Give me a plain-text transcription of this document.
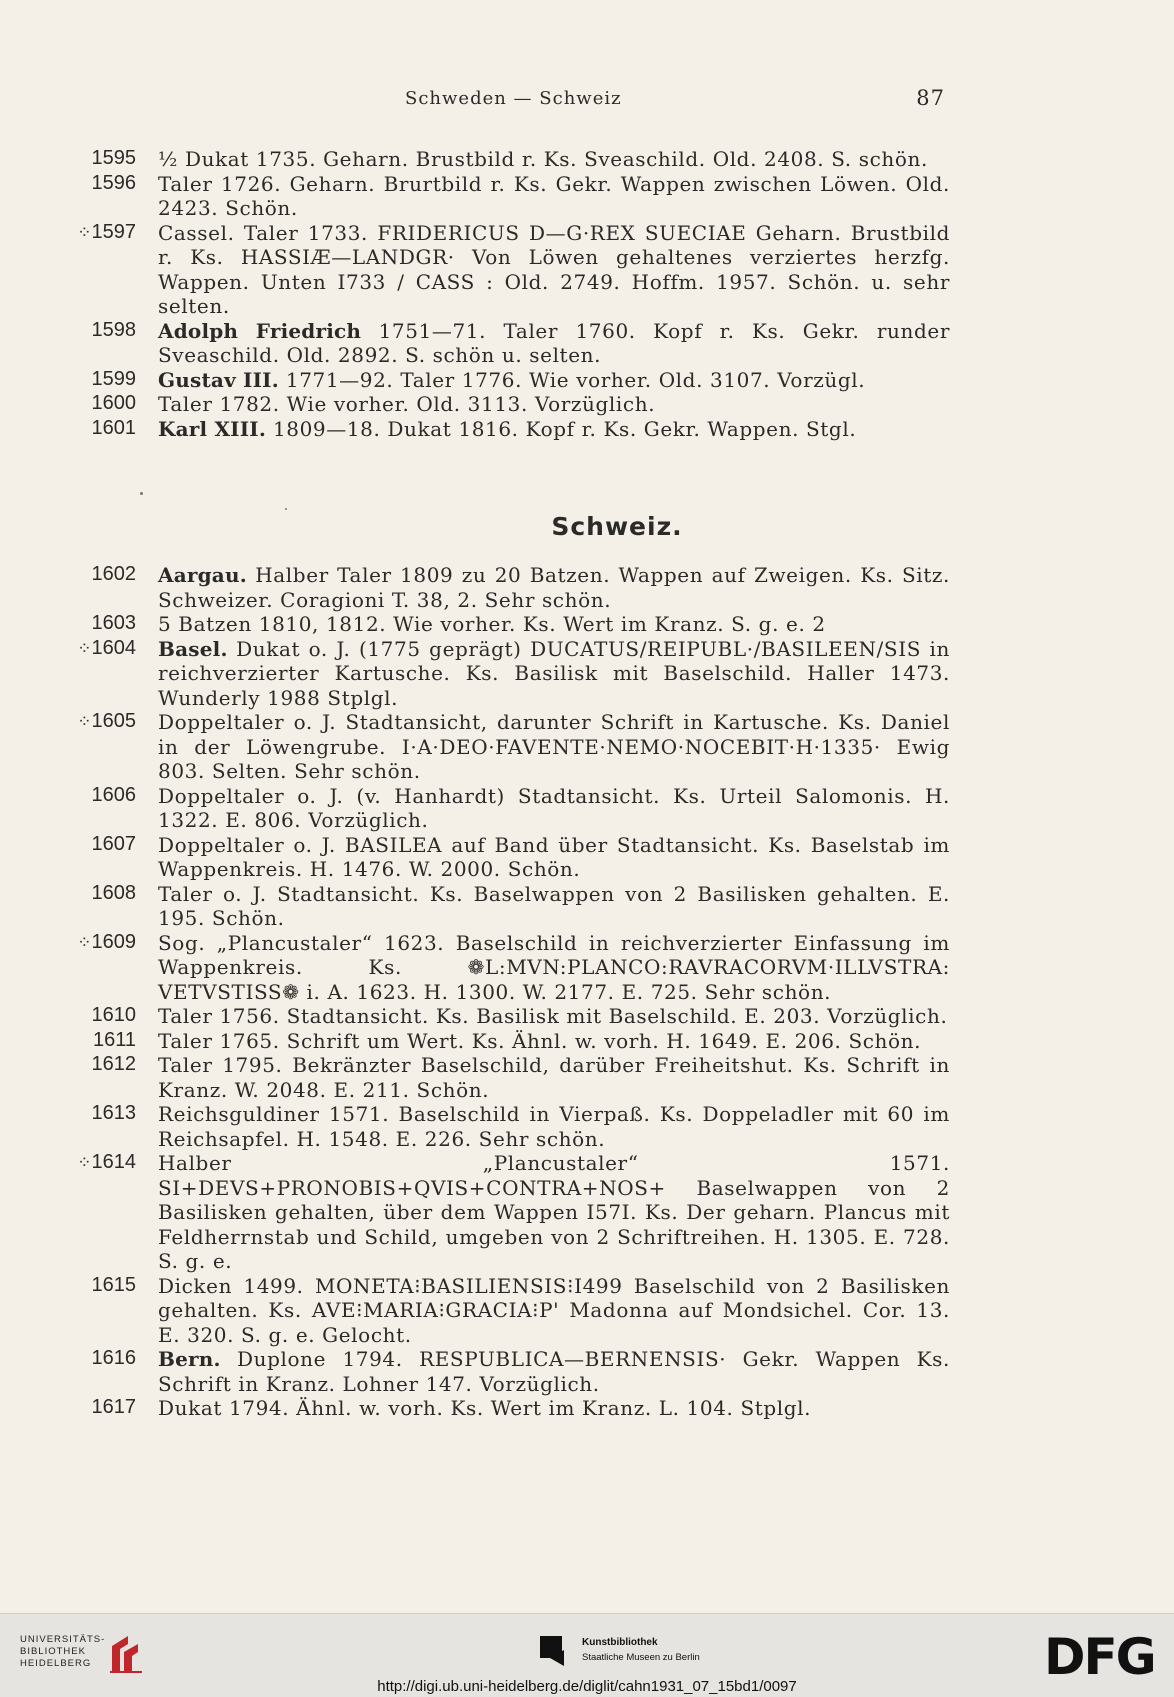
Schweden — Schweiz	87
1595 ½ Dukat 1735. Geharn. Brustbild r. Ks. Sveaschild. Old. 2408. S. schön.
1596 Taler 1726. Geharn. Brurtbild r. Ks. Gekr. Wappen zwischen Löwen. Old. 2423. Schön.
⁘1597 Cassel. Taler 1733. FRIDERICUS D—G·REX SUECIAE Geharn. Brustbild r. Ks. HASSIÆ—LANDGR· Von Löwen gehaltenes verziertes herzfg. Wappen. Unten I733 / CASS : Old. 2749. Hoffm. 1957. Schön. u. sehr selten.
1598 Adolph Friedrich 1751—71. Taler 1760. Kopf r. Ks. Gekr. runder Sveaschild. Old. 2892. S. schön u. selten.
1599 Gustav III. 1771—92. Taler 1776. Wie vorher. Old. 3107. Vorzügl.
1600 Taler 1782. Wie vorher. Old. 3113. Vorzüglich.
1601 Karl XIII. 1809—18. Dukat 1816. Kopf r. Ks. Gekr. Wappen. Stgl.
Schweiz.
1602 Aargau. Halber Taler 1809 zu 20 Batzen. Wappen auf Zweigen. Ks. Sitz. Schweizer. Coragioni T. 38, 2. Sehr schön.
1603 5 Batzen 1810, 1812. Wie vorher. Ks. Wert im Kranz. S. g. e. 2
⁘1604 Basel. Dukat o. J. (1775 geprägt) DUCATUS/REIPUBL·/BASILEEN/SIS in reichverzierter Kartusche. Ks. Basilisk mit Baselschild. Haller 1473. Wunderly 1988 Stplgl.
⁘1605 Doppeltaler o. J. Stadtansicht, darunter Schrift in Kartusche. Ks. Daniel in der Löwengrube. I·A·DEO·FAVENTE·NEMO·NOCEBIT·H·1335· Ewig 803. Selten. Sehr schön.
1606 Doppeltaler o. J. (v. Hanhardt) Stadtansicht. Ks. Urteil Salomonis. H. 1322. E. 806. Vorzüglich.
1607 Doppeltaler o. J. BASILEA auf Band über Stadtansicht. Ks. Baselstab im Wappenkreis. H. 1476. W. 2000. Schön.
1608 Taler o. J. Stadtansicht. Ks. Baselwappen von 2 Basilisken gehalten. E. 195. Schön.
⁘1609 Sog. „Plancustaler“ 1623. Baselschild in reichverzierter Einfassung im Wappenkreis. Ks. ❁L:MVN:PLANCO:RAVRACORVM·ILLVSTRA: VETVSTISS❁ i. A. 1623. H. 1300. W. 2177. E. 725. Sehr schön.
1610 Taler 1756. Stadtansicht. Ks. Basilisk mit Baselschild. E. 203. Vorzüglich.
1611 Taler 1765. Schrift um Wert. Ks. Ähnl. w. vorh. H. 1649. E. 206. Schön.
1612 Taler 1795. Bekränzter Baselschild, darüber Freiheitshut. Ks. Schrift in Kranz. W. 2048. E. 211. Schön.
1613 Reichsguldiner 1571. Baselschild in Vierpaß. Ks. Doppeladler mit 60 im Reichsapfel. H. 1548. E. 226. Sehr schön.
⁘1614 Halber „Plancustaler“ 1571. SI+DEVS+PRONOBIS+QVIS+CONTRA+NOS+ Baselwappen von 2 Basilisken gehalten, über dem Wappen I57I. Ks. Der geharn. Plancus mit Feldherrnstab und Schild, umgeben von 2 Schriftreihen. H. 1305. E. 728. S. g. e.
1615 Dicken 1499. MONETA⁝BASILIENSIS⁝I499 Baselschild von 2 Basilisken gehalten. Ks. AVE⁝MARIA⁝GRACIA⁝P' Madonna auf Mondsichel. Cor. 13. E. 320. S. g. e. Gelocht.
1616 Bern. Duplone 1794. RESPUBLICA—BERNENSIS· Gekr. Wappen Ks. Schrift in Kranz. Lohner 147. Vorzüglich.
1617 Dukat 1794. Ähnl. w. vorh. Ks. Wert im Kranz. L. 104. Stplgl.
UNIVERSITÄTS-
BIBLIOTHEK
HEIDELBERG
Kunstbibliothek
Staatliche Museen zu Berlin	DFG
http://digi.ub.uni-heidelberg.de/diglit/cahn1931_07_15bd1/0097
